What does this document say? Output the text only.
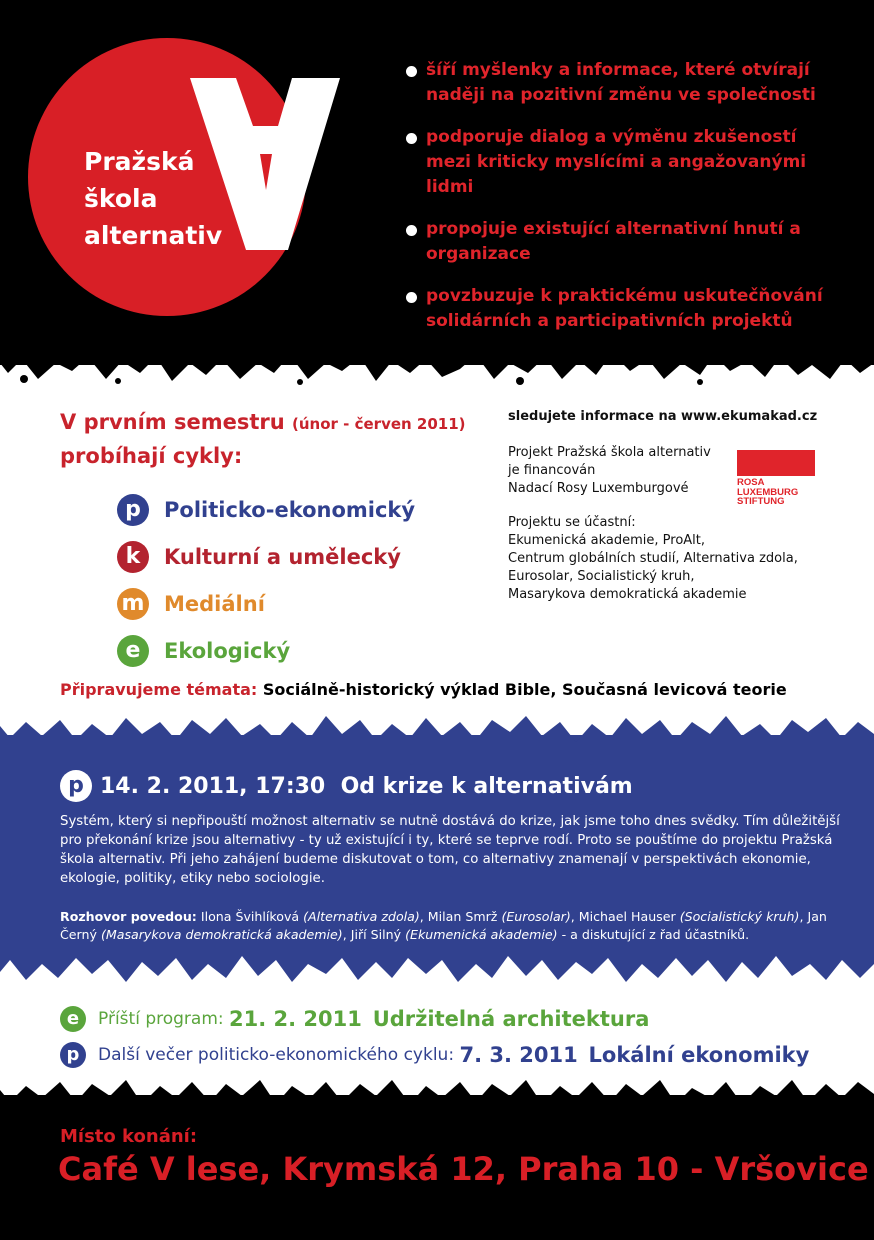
Pražská
škola
alternativ
šíří myšlenky a informace, které otvírají naději na pozitivní změnu ve společnosti
podporuje dialog a výměnu zkušeností mezi kriticky myslícími a angažovanými lidmi
propojuje existující alternativní hnutí a organizace
povzbuzuje k praktickému uskutečňování solidárních a participativních projektů
V prvním semestru (únor - červen 2011)
probíhají cykly:
p	Politicko-ekonomický
k	Kulturní a umělecký
m Mediální
e	Ekologický
Připravujeme témata: Sociálně-historický výklad Bible, Současná levicová teorie
sledujete informace na www.ekumakad.cz
Projekt Pražská škola alternativ
je financován
Nadací Rosy Luxemburgové
Projektu se účastní:
Ekumenická akademie, ProAlt,
Centrum globálních studií, Alternativa zdola,
Eurosolar, Socialistický kruh,
Masarykova demokratická akademie
ROSA
LUXEMBURG
STIFTUNG
p 14. 2. 2011, 17:30
Od krize k alternativám
Systém, který si nepřipouští možnost alternativ se nutně dostává do krize, jak jsme toho dnes svědky. Tím důležitější pro překonání krize jsou alternativy - ty už existující i ty, které se teprve rodí. Proto se pouštíme do projektu Pražská škola alternativ. Při jeho zahájení budeme diskutovat o tom, co alternativy znamenají v perspektivách ekonomie, ekologie, politiky, etiky nebo sociologie.
Rozhovor povedou: Ilona Švihlíková (Alternativa zdola), Milan Smrž (Eurosolar), Michael Hauser (Socialistický kruh), Jan Černý (Masarykova demokratická akademie), Jiří Silný (Ekumenická akademie) - a diskutující z řad účastníků.
e	Příští program:
21. 2. 2011
Udržitelná architektura
p	Další večer politicko-ekonomického cyklu:
7. 3. 2011
Lokální ekonomiky
Místo konání:
Café V lese, Krymská 12, Praha 10 - Vršovice
